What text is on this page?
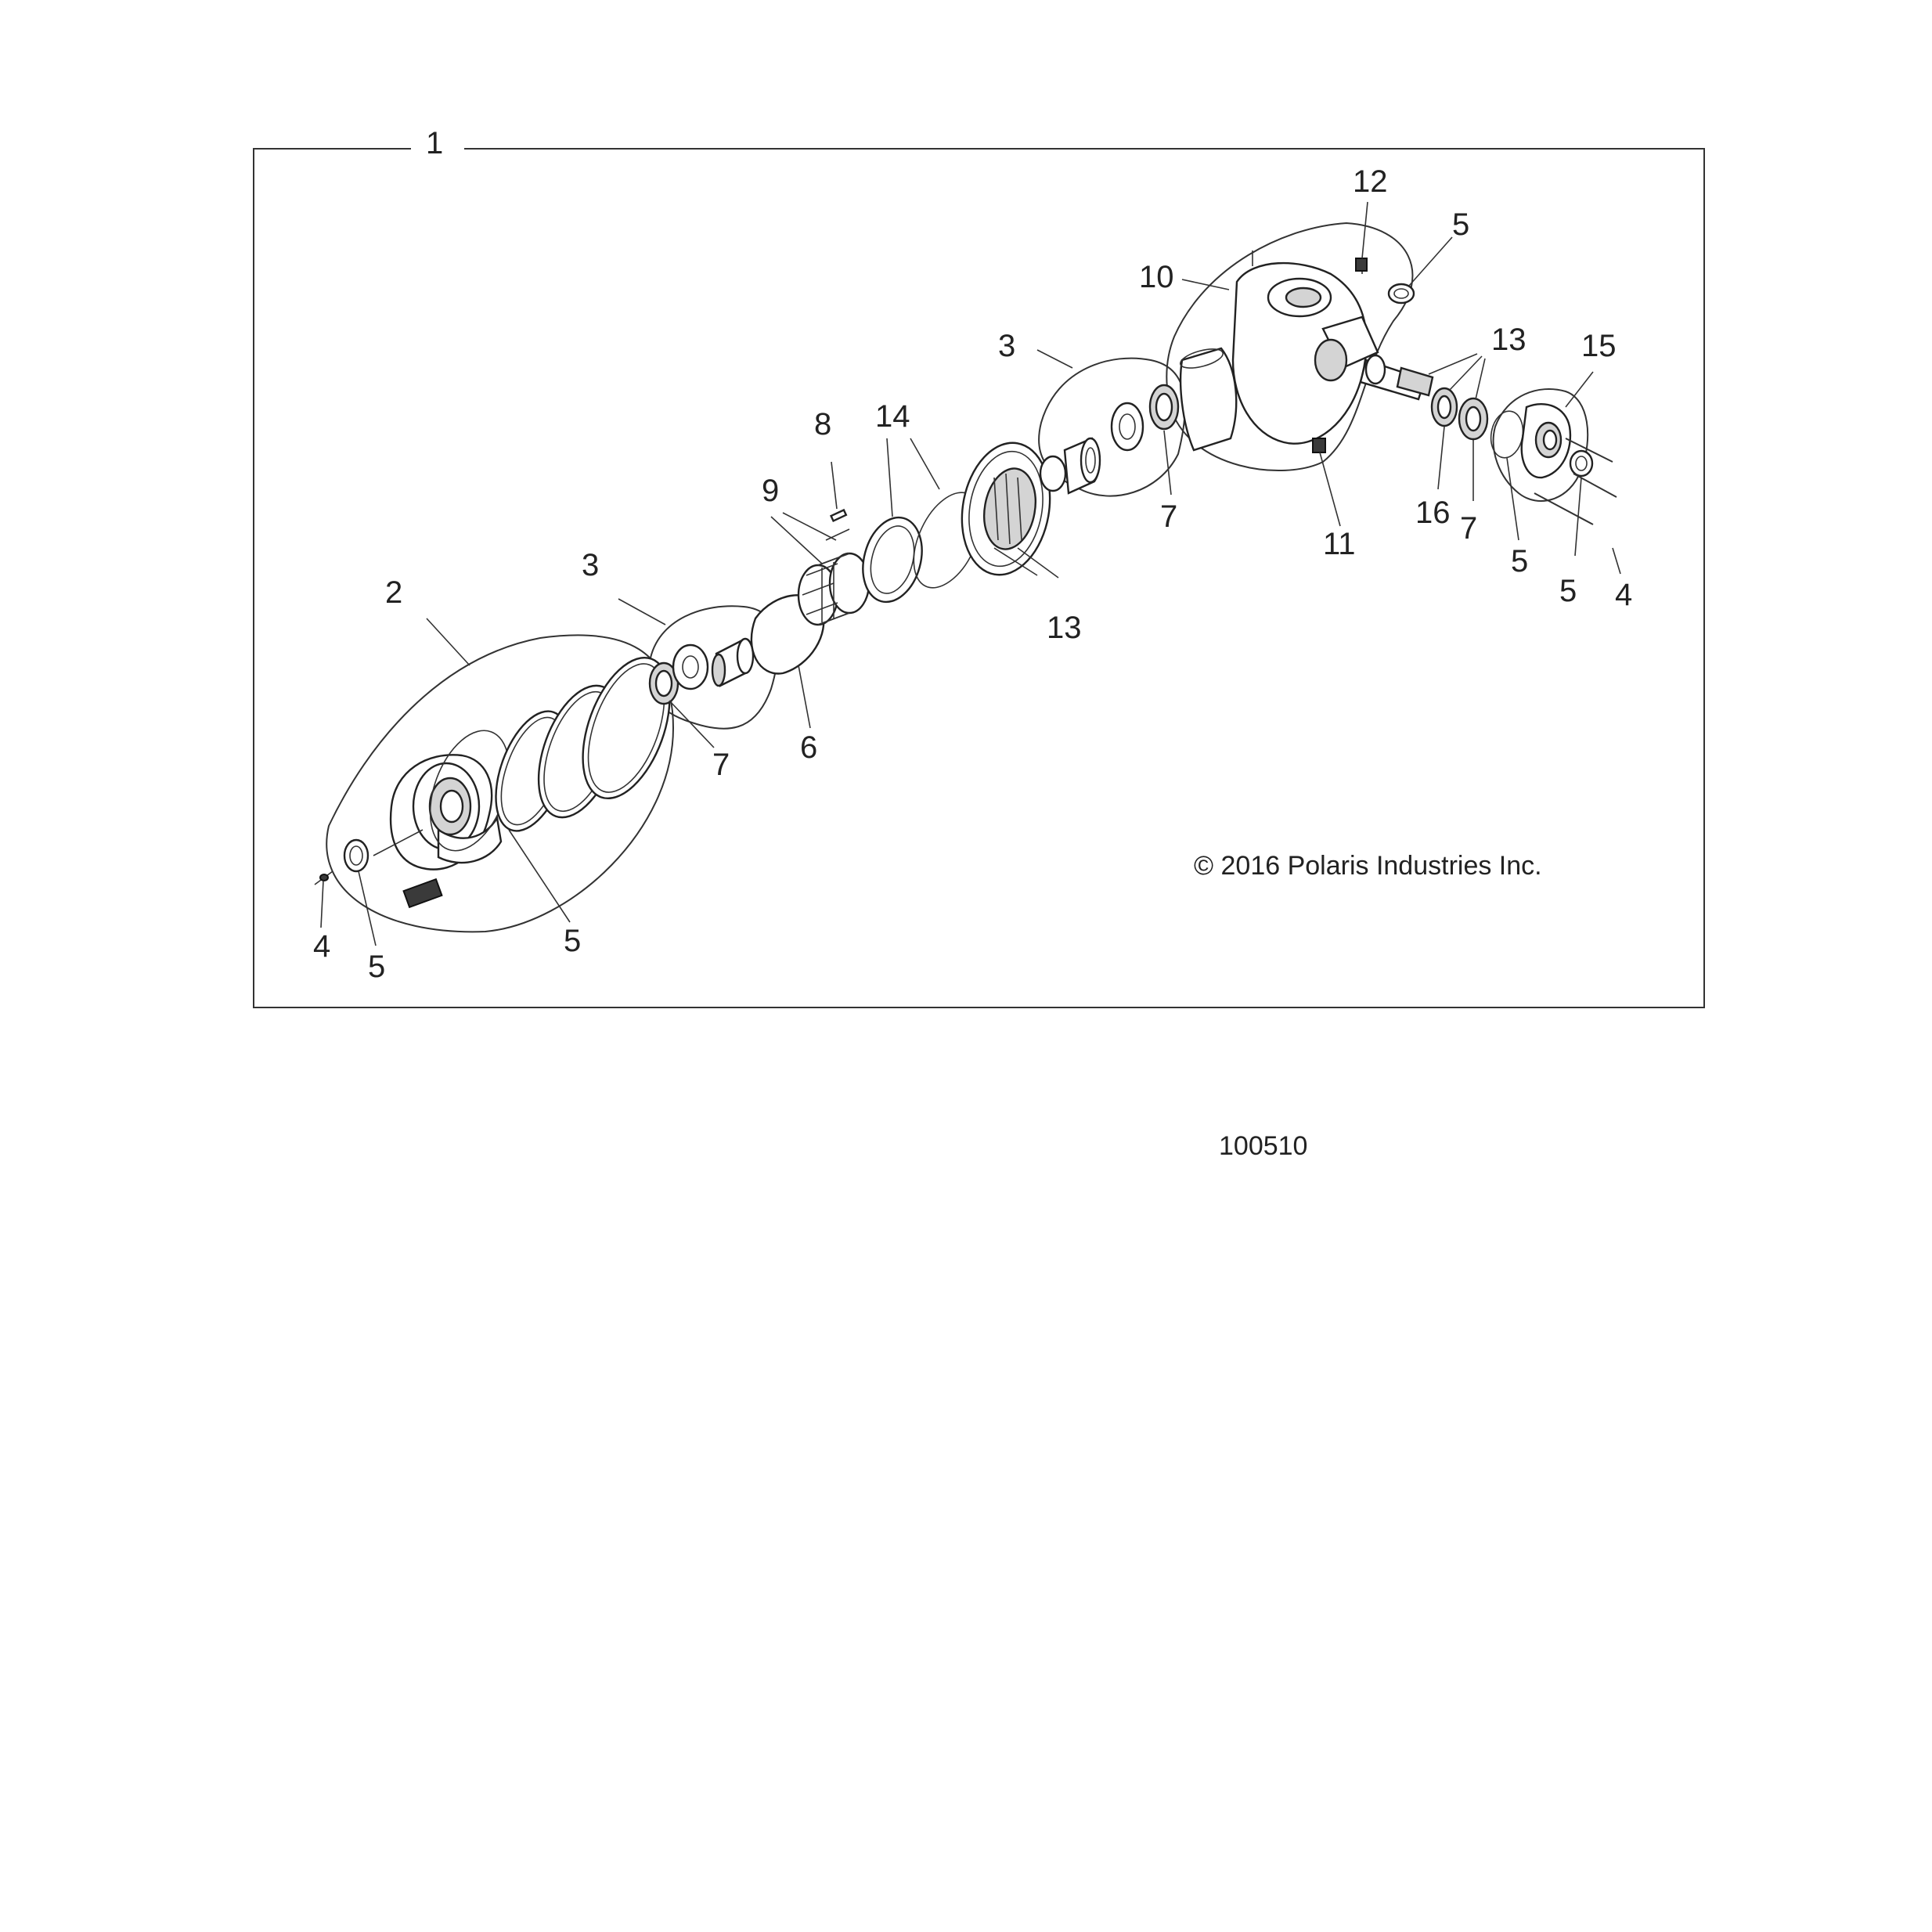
1
2
3
4
5
5
7 6
9
8 14
13
3
7
10
12
5
11
13 15
16 7
5
5 4
© 2016 Polaris Industries Inc.
100510
